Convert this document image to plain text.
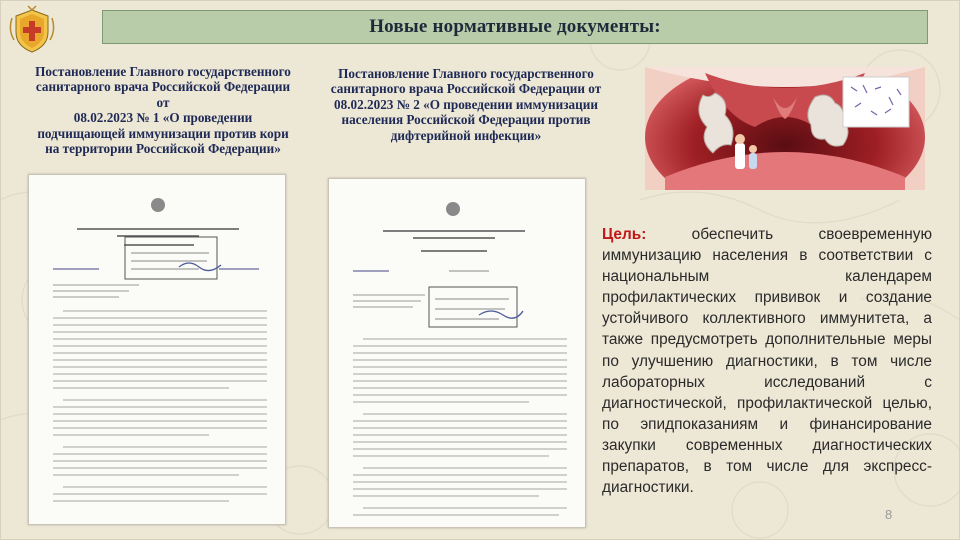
Новые нормативные документы:
Постановление Главного государственного
санитарного врача Российской Федерации
от
08.02.2023 № 1 «О проведении
подчищающей иммунизации против кори
на территории Российской Федерации»
Постановление Главного государственного
санитарного врача Российской Федерации от
08.02.2023 № 2 «О проведении иммунизации
населения Российской Федерации против
дифтерийной инфекции»
Цель:	обеспечить своевременную иммунизацию населения в соответствии с национальным календарем профилактических прививок и создание устойчивого коллективного иммунитета, а также предусмотреть дополнительные меры по улучшению диагностики, в том числе лабораторных исследований с диагностической, профилактической целью, по эпидпоказаниям и финансирование закупки современных диагностических препаратов, в том числе для экспресс-диагностики.
8
